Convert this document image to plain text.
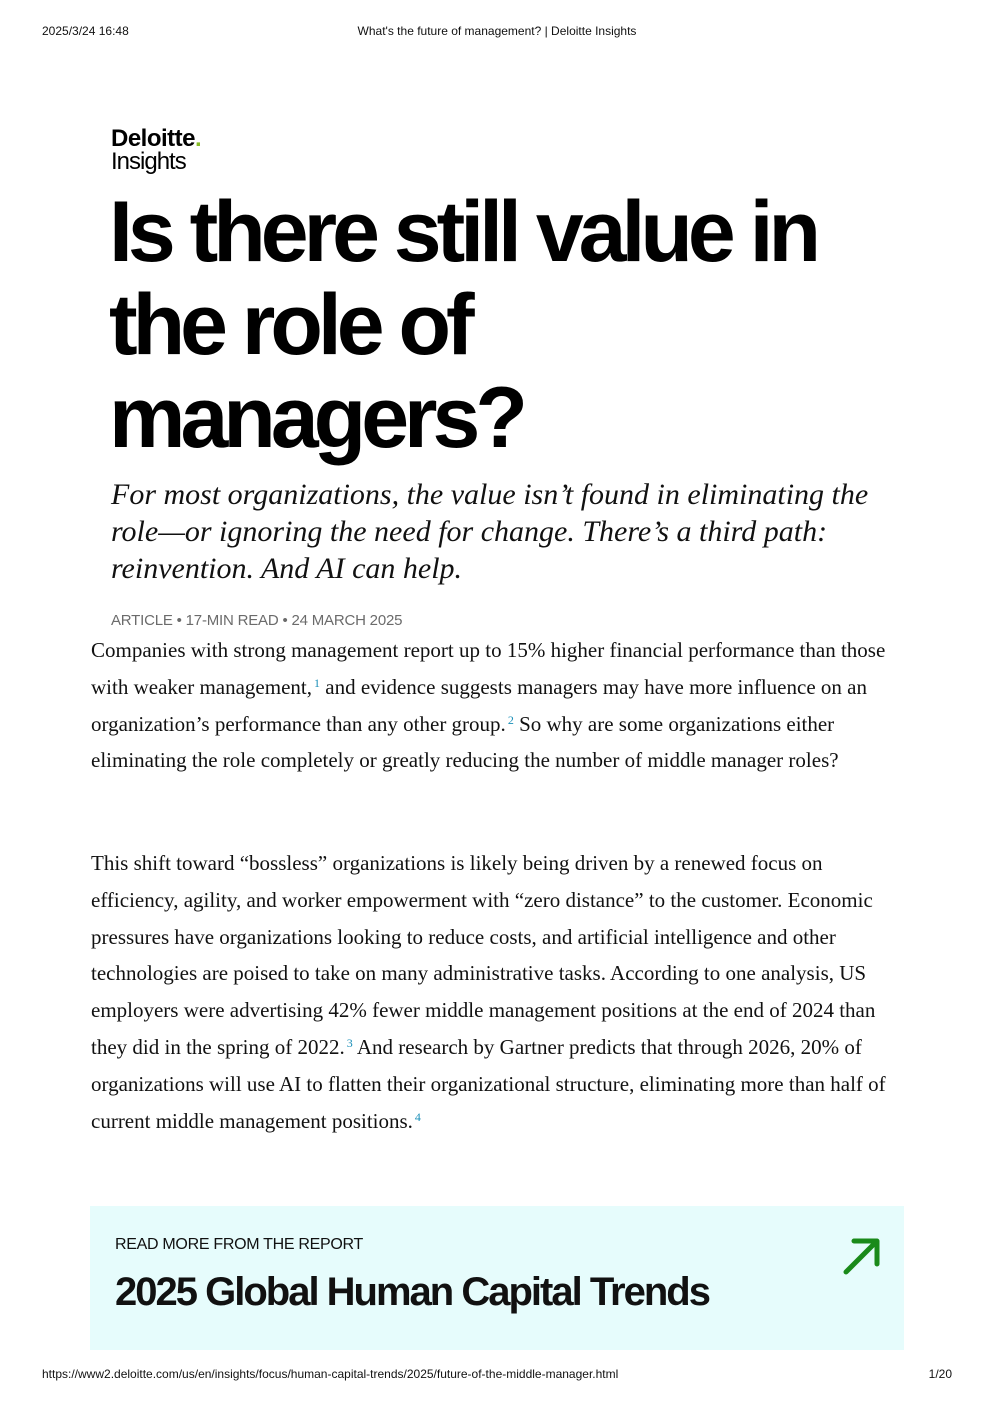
2025/3/24 16:48	What's the future of management? | Deloitte Insights
Deloitte.
Insights
Is there still value in the role of managers?

For most organizations, the value isn’t found in eliminating the role—or ignoring the need for change. There’s a third path: reinvention. And AI can help.

ARTICLE • 17-MIN READ • 24 MARCH 2025

Companies with strong management report up to 15% higher financial performance than those with weaker management, $^1$ and evidence suggests managers may have more influence on an organization’s performance than any other group. $^2$ So why are some organizations either eliminating the role completely or greatly reducing the number of middle manager roles?

This shift toward “bossless” organizations is likely being driven by a renewed focus on efficiency, agility, and worker empowerment with “zero distance” to the customer. Economic pressures have organizations looking to reduce costs, and artificial intelligence and other technologies are poised to take on many administrative tasks. According to one analysis, US employers were advertising 42% fewer middle management positions at the end of 2024 than they did in the spring of 2022. $^3$ And research by Gartner predicts that through 2026, 20% of organizations will use AI to flatten their organizational structure, eliminating more than half of current middle management positions. $^4$

READ MORE FROM THE REPORT
2025 Global Human Capital Trends
https://www2.deloitte.com/us/en/insights/focus/human-capital-trends/2025/future-of-the-middle-manager.html	1/20
